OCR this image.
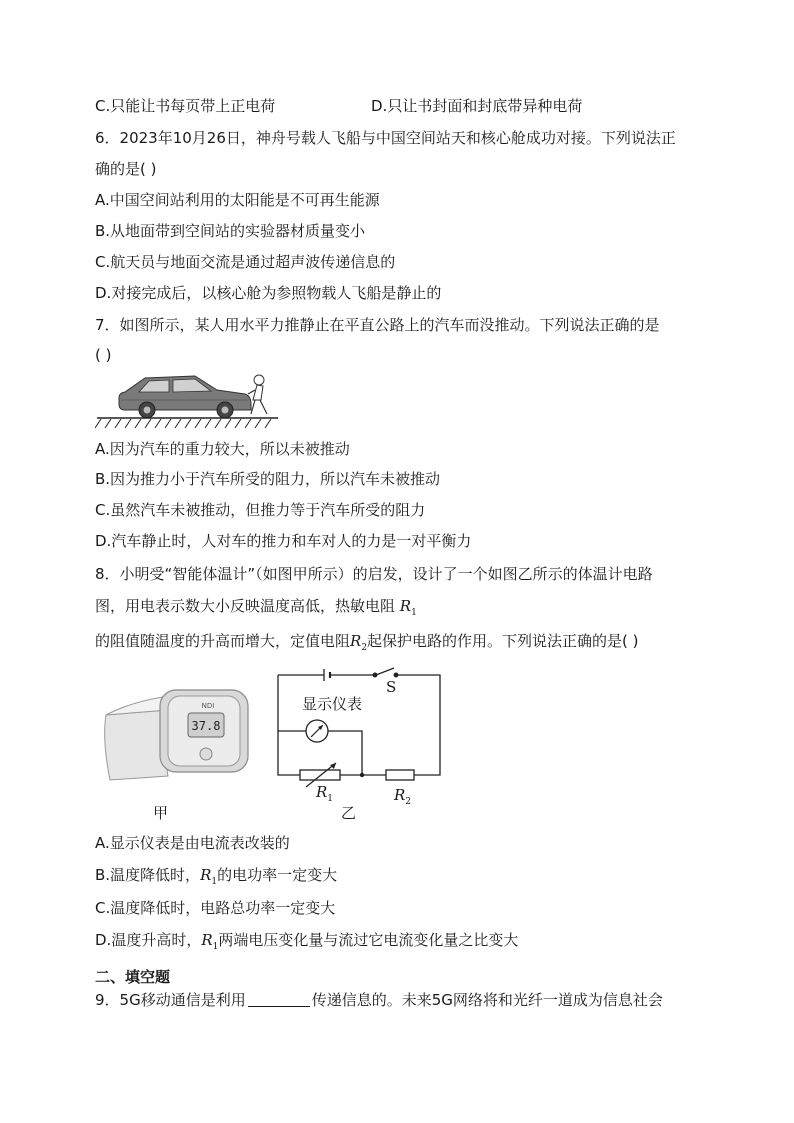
C.只能让书每页带上正电荷	D.只让书封面和封底带异种电荷
6．2023年10月26日，神舟号载人飞船与中国空间站天和核心舱成功对接。下列说法正
确的是( )
A.中国空间站利用的太阳能是不可再生能源
B.从地面带到空间站的实验器材质量变小
C.航天员与地面交流是通过超声波传递信息的
D.对接完成后，以核心舱为参照物载人飞船是静止的
7．如图所示，某人用水平力推静止在平直公路上的汽车而没推动。下列说法正确的是
( )
A.因为汽车的重力较大，所以未被推动
B.因为推力小于汽车所受的阻力，所以汽车未被推动
C.虽然汽车未被推动，但推力等于汽车所受的阻力
D.汽车静止时，人对车的推力和车对人的力是一对平衡力
8．小明受“智能体温计”（如图甲所示）的启发，设计了一个如图乙所示的体温计电路
图，用电表示数大小反映温度高低，热敏电阻 $R_1$
的阻值随温度的升高而增大，定值电阻$R_2$起保护电路的作用。下列说法正确的是( )
NDI
37.8
甲
显示仪表
S
$R_1$	$R_2$
乙
A.显示仪表是由电流表改装的
B.温度降低时，$R_1$的电功率一定变大
C.温度降低时，电路总功率一定变大
D.温度升高时，$R_1$两端电压变化量与流过它电流变化量之比变大
二、填空题
9．5G移动通信是利用	传递信息的。未来5G网络将和光纤一道成为信息社会
